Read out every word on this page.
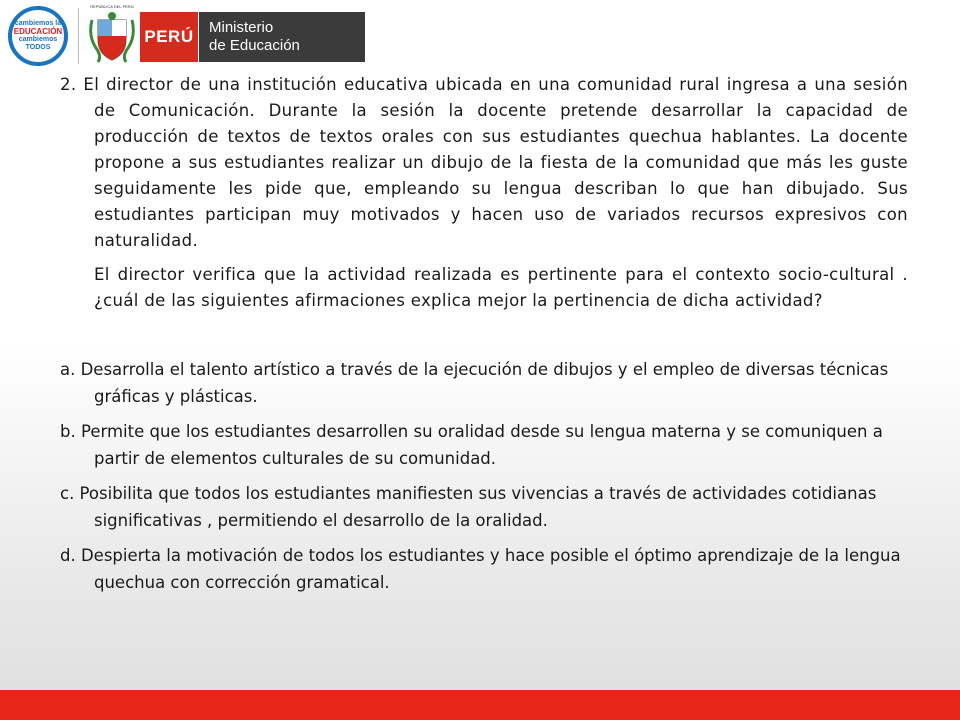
cambiemos la
EDUCACIÓN
cambiemos
TODOS
REPÚBLICA DEL PERÚ
PERÚ Ministerio
de Educación

2. El director de una institución educativa ubicada en una comunidad rural ingresa a una sesión de Comunicación. Durante la sesión la docente pretende desarrollar la capacidad de producción de textos de textos orales con sus estudiantes quechua hablantes. La docente propone a sus estudiantes realizar un dibujo de la fiesta de la comunidad que más les guste seguidamente les pide que, empleando su lengua describan lo que han dibujado. Sus estudiantes participan muy motivados y hacen uso de variados recursos expresivos con naturalidad.

El director verifica que la actividad realizada es pertinente para el contexto socio-cultural .¿cuál de las siguientes afirmaciones explica mejor la pertinencia de dicha actividad?

a. Desarrolla el talento artístico a través de la ejecución de dibujos y el empleo de diversas técnicas gráficas y plásticas.

b. Permite que los estudiantes desarrollen su oralidad desde su lengua materna y se comuniquen a partir de elementos culturales de su comunidad.

c. Posibilita que todos los estudiantes manifiesten sus vivencias a través de actividades cotidianas significativas , permitiendo el desarrollo de la oralidad.

d. Despierta la motivación de todos los estudiantes y hace posible el óptimo aprendizaje de la lengua quechua con corrección gramatical.
